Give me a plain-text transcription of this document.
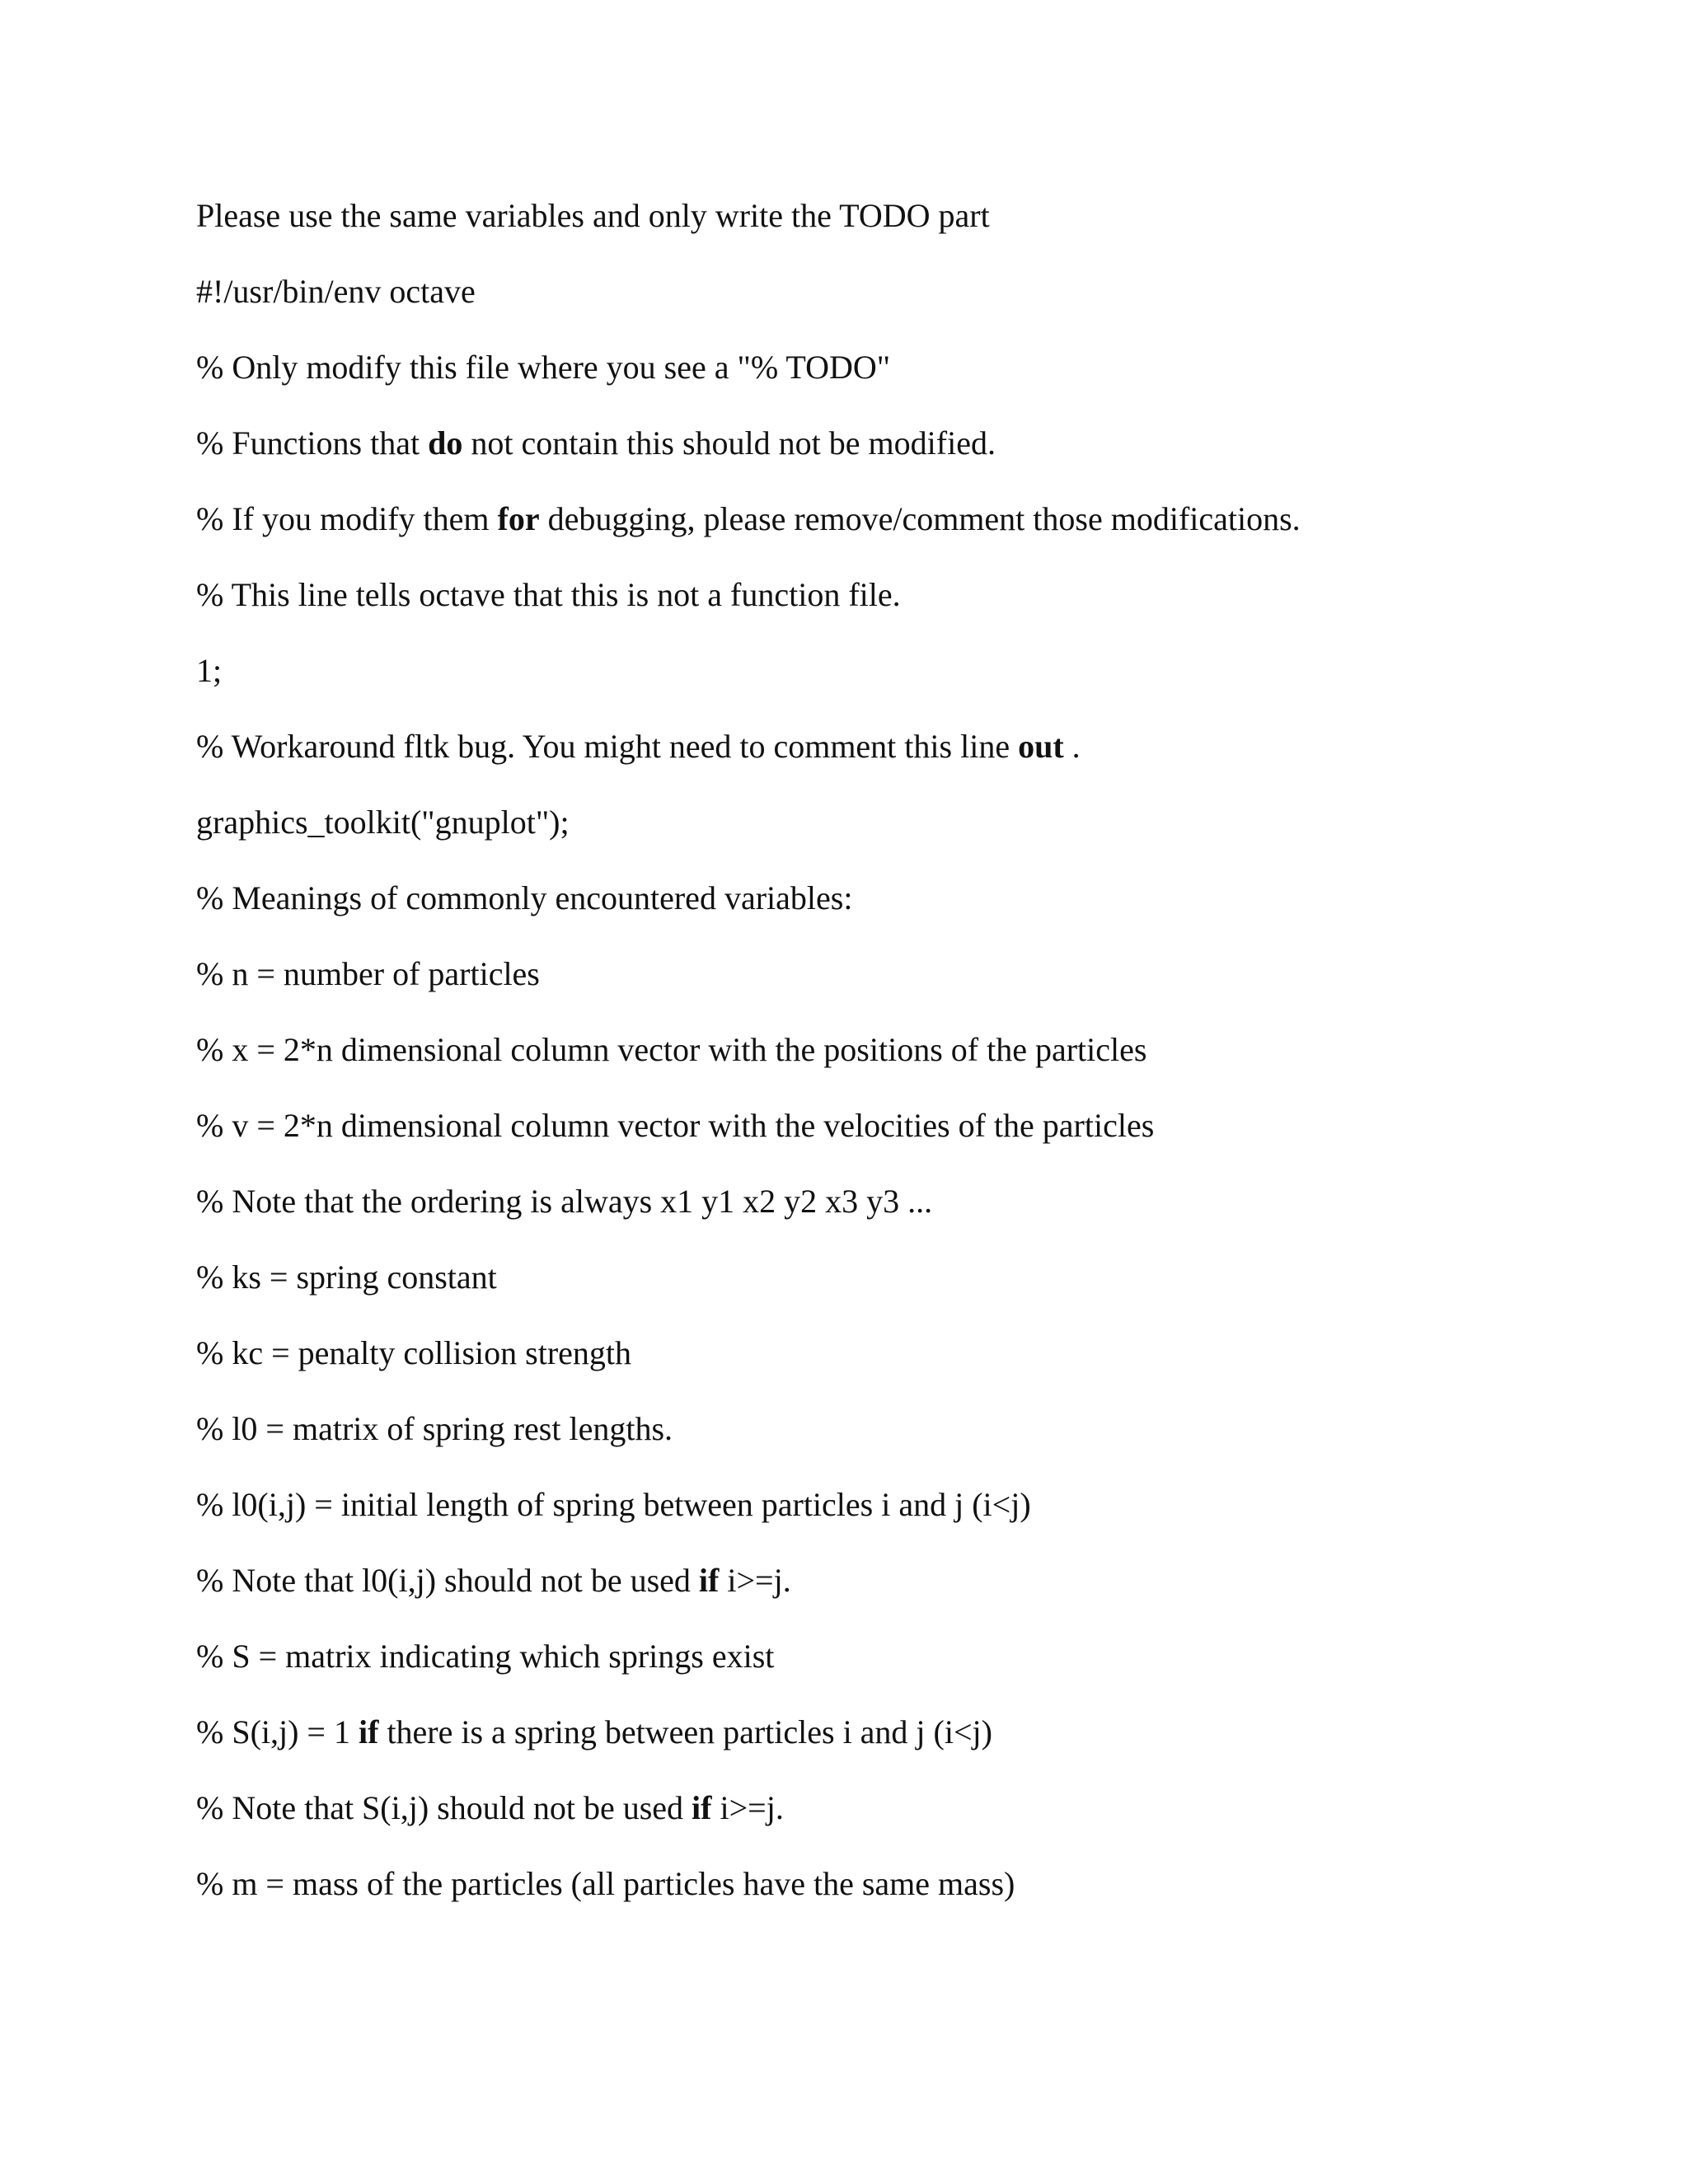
Please use the same variables and only write the TODO part
#!/usr/bin/env octave
% Only modify this file where you see a "% TODO"
% Functions that do not contain this should not be modified.
% If you modify them for debugging, please remove/comment those modifications.
% This line tells octave that this is not a function file.
1;
% Workaround fltk bug. You might need to comment this line out .
graphics_toolkit("gnuplot");
% Meanings of commonly encountered variables:
% n = number of particles
% x = 2*n dimensional column vector with the positions of the particles
% v = 2*n dimensional column vector with the velocities of the particles
% Note that the ordering is always x1 y1 x2 y2 x3 y3 ...
% ks = spring constant
% kc = penalty collision strength
% l0 = matrix of spring rest lengths.
% l0(i,j) = initial length of spring between particles i and j (i<j)
% Note that l0(i,j) should not be used if i>=j.
% S = matrix indicating which springs exist
% S(i,j) = 1 if there is a spring between particles i and j (i<j)
% Note that S(i,j) should not be used if i>=j.
% m = mass of the particles (all particles have the same mass)
